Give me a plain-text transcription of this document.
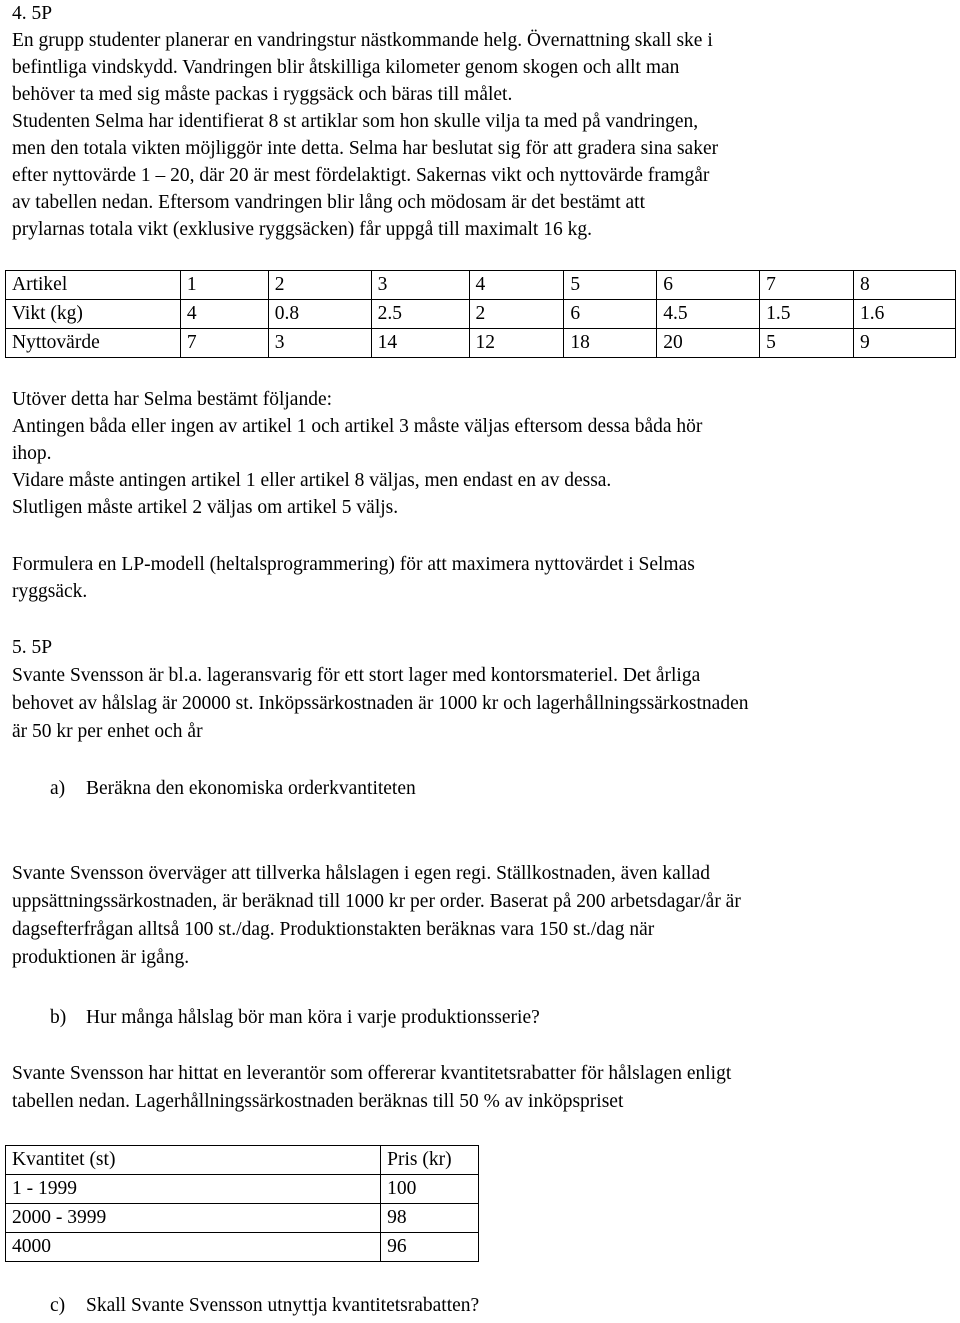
4. 5P
En grupp studenter planerar en vandringstur nästkommande helg. Övernattning skall ske i
befintliga vindskydd. Vandringen blir åtskilliga kilometer genom skogen och allt man
behöver ta med sig måste packas i ryggsäck och bäras till målet.
Studenten Selma har identifierat 8 st artiklar som hon skulle vilja ta med på vandringen,
men den totala vikten möjliggör inte detta. Selma har beslutat sig för att gradera sina saker
efter nyttovärde 1 – 20, där 20 är mest fördelaktigt. Sakernas vikt och nyttovärde framgår
av tabellen nedan. Eftersom vandringen blir lång och mödosam är det bestämt att
prylarnas totala vikt (exklusive ryggsäcken) får uppgå till maximalt 16 kg.
Artikel	1	2	3	4	5	6	7	8
Vikt (kg)	4	0.8	2.5	2	6	4.5	1.5	1.6
Nyttovärde	7	3	14	12	18	20	5	9
Utöver detta har Selma bestämt följande:
Antingen båda eller ingen av artikel 1 och artikel 3 måste väljas eftersom dessa båda hör
ihop.
Vidare måste antingen artikel 1 eller artikel 8 väljas, men endast en av dessa.
Slutligen måste artikel 2 väljas om artikel 5 väljs.
Formulera en LP-modell (heltalsprogrammering) för att maximera nyttovärdet i Selmas
ryggsäck.
5. 5P
Svante Svensson är bl.a. lageransvarig för ett stort lager med kontorsmateriel. Det årliga
behovet av hålslag är 20000 st. Inköpssärkostnaden är 1000 kr och lagerhållningssärkostnaden
är 50 kr per enhet och år
a) Beräkna den ekonomiska orderkvantiteten
Svante Svensson överväger att tillverka hålslagen i egen regi. Ställkostnaden, även kallad
uppsättningssärkostnaden, är beräknad till 1000 kr per order. Baserat på 200 arbetsdagar/år är
dagsefterfrågan alltså 100 st./dag. Produktionstakten beräknas vara 150 st./dag när
produktionen är igång.
b) Hur många hålslag bör man köra i varje produktionsserie?
Svante Svensson har hittat en leverantör som offererar kvantitetsrabatter för hålslagen enligt
tabellen nedan. Lagerhållningssärkostnaden beräknas till 50 % av inköpspriset
Kvantitet (st)	Pris (kr)
1 - 1999	100
2000 - 3999	98
4000	96
c) Skall Svante Svensson utnyttja kvantitetsrabatten?
